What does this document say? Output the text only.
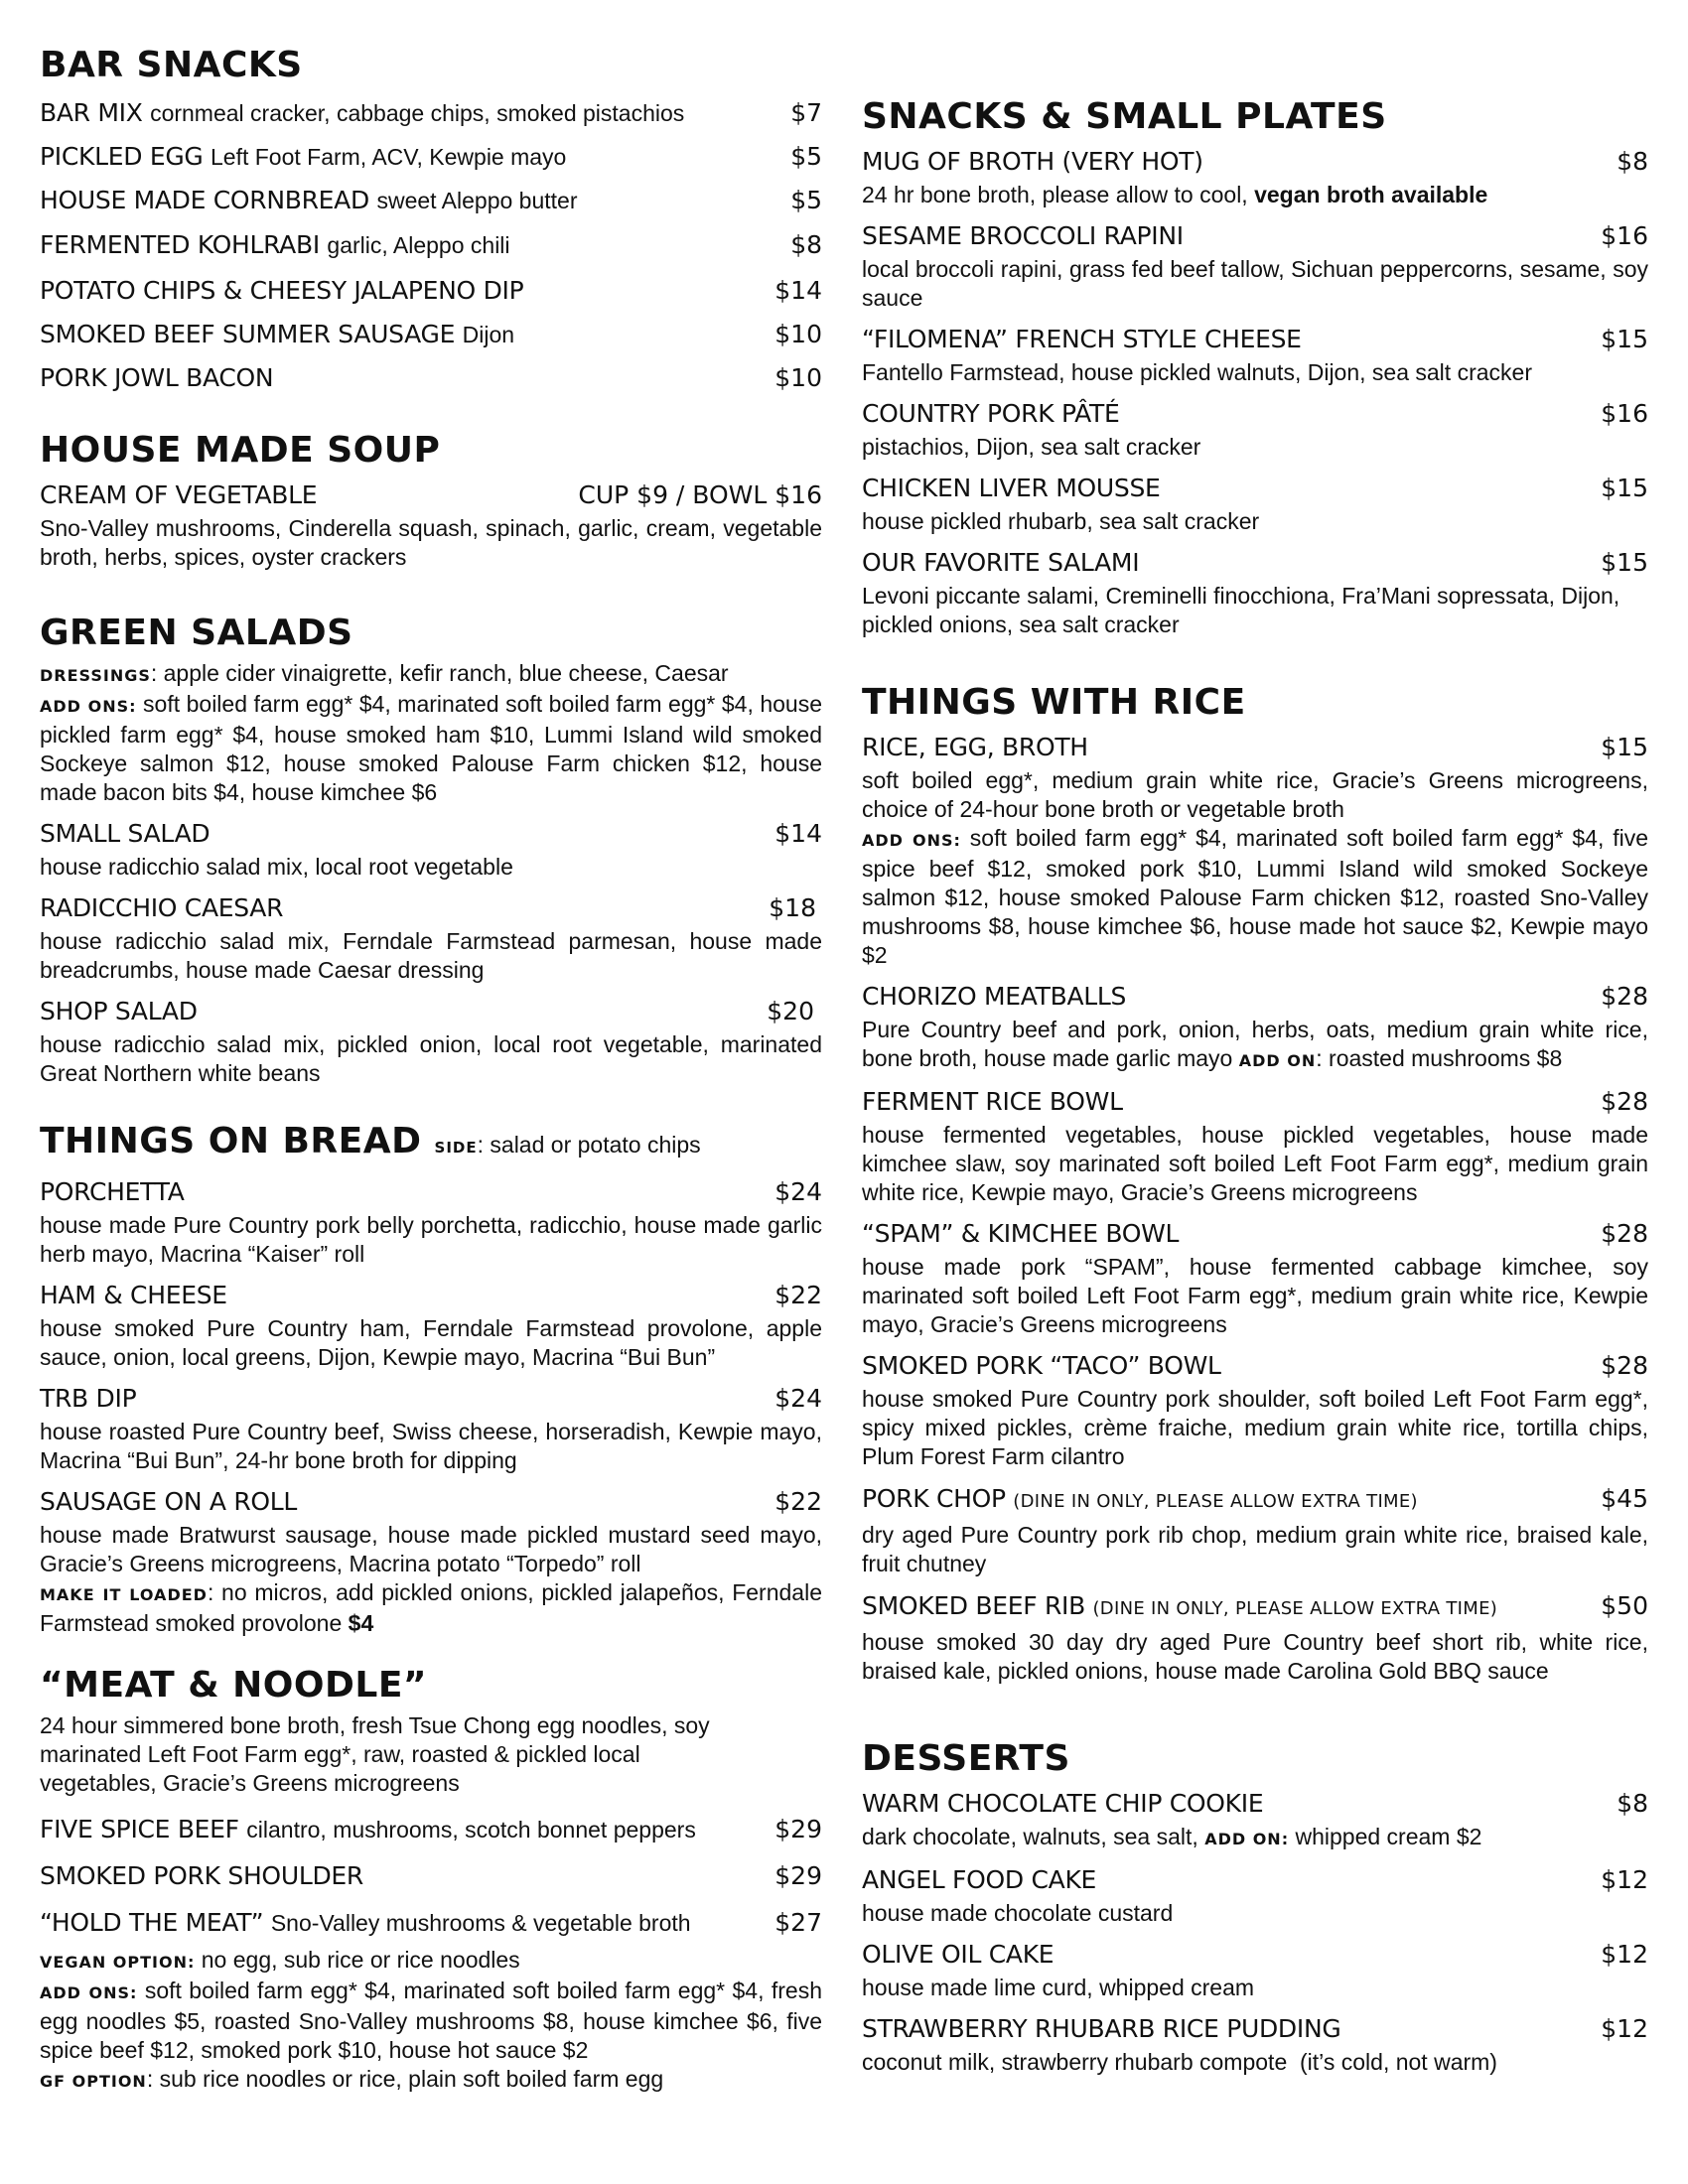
BAR SNACKS
BAR MIX cornmeal cracker, cabbage chips, smoked pistachios	$7
PICKLED EGG Left Foot Farm, ACV, Kewpie mayo	$5
HOUSE MADE CORNBREAD sweet Aleppo butter	$5
FERMENTED KOHLRABI garlic, Aleppo chili	$8
POTATO CHIPS & CHEESY JALAPENO DIP	$14
SMOKED BEEF SUMMER SAUSAGE Dijon	$10
PORK JOWL BACON	$10
HOUSE MADE SOUP
CREAM OF VEGETABLE	CUP $9 / BOWL $16

Sno-Valley mushrooms, Cinderella squash, spinach, garlic, cream, vegetable broth, herbs, spices, oyster crackers

GREEN SALADS

DRESSINGS: apple cider vinaigrette, kefir ranch, blue cheese, Caesar

ADD ONS: soft boiled farm egg* $4, marinated soft boiled farm egg* $4, house pickled farm egg* $4, house smoked ham $10, Lummi Island wild smoked Sockeye salmon $12, house smoked Palouse Farm chicken $12, house made bacon bits $4, house kimchee $6

SMALL SALAD	$14

house radicchio salad mix, local root vegetable

RADICCHIO CAESAR	$18

house radicchio salad mix, Ferndale Farmstead parmesan, house made breadcrumbs, house made Caesar dressing

SHOP SALAD	$20

house radicchio salad mix, pickled onion, local root vegetable, marinated Great Northern white beans

THINGS ON BREAD SIDE: salad or potato chips
PORCHETTA	$24

house made Pure Country pork belly porchetta, radicchio, house made garlic herb mayo, Macrina “Kaiser” roll

HAM & CHEESE	$22

house smoked Pure Country ham, Ferndale Farmstead provolone, apple sauce, onion, local greens, Dijon, Kewpie mayo, Macrina “Bui Bun”

TRB DIP	$24

house roasted Pure Country beef, Swiss cheese, horseradish, Kewpie mayo, Macrina “Bui Bun”, 24-hr bone broth for dipping

SAUSAGE ON A ROLL	$22

house made Bratwurst sausage, house made pickled mustard seed mayo, Gracie’s Greens microgreens, Macrina potato “Torpedo” roll

MAKE IT LOADED: no micros, add pickled onions, pickled jalapeños, Ferndale Farmstead smoked provolone $4

“MEAT & NOODLE”

24 hour simmered bone broth, fresh Tsue Chong egg noodles, soy marinated Left Foot Farm egg*, raw, roasted & pickled local vegetables, Gracie’s Greens microgreens

FIVE SPICE BEEF cilantro, mushrooms, scotch bonnet peppers	$29
SMOKED PORK SHOULDER	$29
“HOLD THE MEAT” Sno-Valley mushrooms & vegetable broth	$27

VEGAN OPTION: no egg, sub rice or rice noodles

ADD ONS: soft boiled farm egg* $4, marinated soft boiled farm egg* $4, fresh egg noodles $5, roasted Sno-Valley mushrooms $8, house kimchee $6, five spice beef $12, smoked pork $10, house hot sauce $2

GF OPTION: sub rice noodles or rice, plain soft boiled farm egg

SNACKS & SMALL PLATES
MUG OF BROTH (VERY HOT)	$8

24 hr bone broth, please allow to cool, vegan broth available

SESAME BROCCOLI RAPINI	$16

local broccoli rapini, grass fed beef tallow, Sichuan peppercorns, sesame, soy sauce

“FILOMENA” FRENCH STYLE CHEESE	$15

Fantello Farmstead, house pickled walnuts, Dijon, sea salt cracker

COUNTRY PORK PÂTÉ	$16

pistachios, Dijon, sea salt cracker

CHICKEN LIVER MOUSSE	$15

house pickled rhubarb, sea salt cracker

OUR FAVORITE SALAMI	$15

Levoni piccante salami, Creminelli finocchiona, Fra’Mani sopressata, Dijon, pickled onions, sea salt cracker

THINGS WITH RICE
RICE, EGG, BROTH	$15

soft boiled egg*, medium grain white rice, Gracie’s Greens microgreens, choice of 24-hour bone broth or vegetable broth

ADD ONS: soft boiled farm egg* $4, marinated soft boiled farm egg* $4, five spice beef $12, smoked pork $10, Lummi Island wild smoked Sockeye salmon $12, house smoked Palouse Farm chicken $12, roasted Sno-Valley mushrooms $8, house kimchee $6, house made hot sauce $2, Kewpie mayo $2

CHORIZO MEATBALLS	$28

Pure Country beef and pork, onion, herbs, oats, medium grain white rice, bone broth, house made garlic mayo ADD ON: roasted mushrooms $8

FERMENT RICE BOWL	$28

house fermented vegetables, house pickled vegetables, house made kimchee slaw, soy marinated soft boiled Left Foot Farm egg*, medium grain white rice, Kewpie mayo, Gracie’s Greens microgreens

“SPAM” & KIMCHEE BOWL	$28

house made pork “SPAM”, house fermented cabbage kimchee, soy marinated soft boiled Left Foot Farm egg*, medium grain white rice, Kewpie mayo, Gracie’s Greens microgreens

SMOKED PORK “TACO” BOWL	$28

house smoked Pure Country pork shoulder, soft boiled Left Foot Farm egg*, spicy mixed pickles, crème fraiche, medium grain white rice, tortilla chips, Plum Forest Farm cilantro

PORK CHOP (DINE IN ONLY, PLEASE ALLOW EXTRA TIME)	$45

dry aged Pure Country pork rib chop, medium grain white rice, braised kale, fruit chutney

SMOKED BEEF RIB (DINE IN ONLY, PLEASE ALLOW EXTRA TIME)	$50

house smoked 30 day dry aged Pure Country beef short rib, white rice, braised kale, pickled onions, house made Carolina Gold BBQ sauce

DESSERTS
WARM CHOCOLATE CHIP COOKIE	$8

dark chocolate, walnuts, sea salt, ADD ON: whipped cream $2

ANGEL FOOD CAKE	$12

house made chocolate custard

OLIVE OIL CAKE	$12

house made lime curd, whipped cream

STRAWBERRY RHUBARB RICE PUDDING	$12

coconut milk, strawberry rhubarb compote  (it’s cold, not warm)
